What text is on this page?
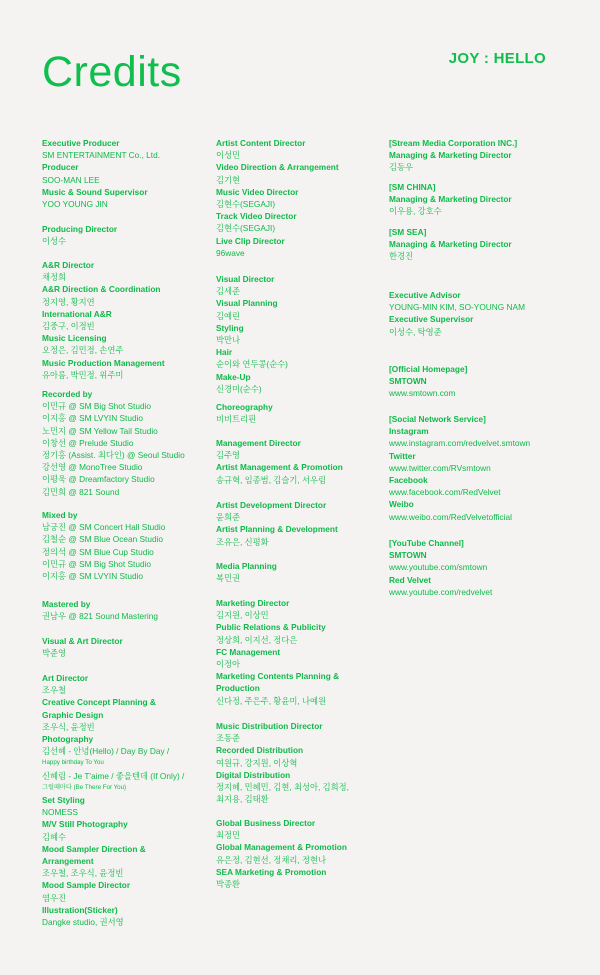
Credits	JOY : HELLO
Executive Producer
SM ENTERTAINMENT Co., Ltd.
Producer
SOO-MAN LEE
Music & Sound Supervisor
YOO YOUNG JIN
Producing Director
이성수
A&R Director
채정희
A&R Direction & Coordination
정지영, 황지연
International A&R
김중구, 이정빈
Music Licensing
오정은, 김민정, 손연주
Music Production Management
유아름, 박민정, 위주미
Recorded by
이민규 @ SM Big Shot Studio
이지홍 @ SM LVYIN Studio
노민지 @ SM Yellow Tail Studio
이창선 @ Prelude Studio
정기홍 (Assist. 최다인) @ Seoul Studio
강선영 @ MonoTree Studio
이평욱 @ Dreamfactory Studio
김민희 @ 821 Sound
Mixed by
남궁진 @ SM Concert Hall Studio
김철순 @ SM Blue Ocean Studio
정의석 @ SM Blue Cup Studio
이민규 @ SM Big Shot Studio
이지홍 @ SM LVYIN Studio
Mastered by
권남우 @ 821 Sound Mastering
Visual & Art Director
박준영
Art Director
조우철
Creative Concept Planning &
Graphic Design
조우식, 윤정빈
Photography
김선혜 - 안녕(Hello) / Day By Day /
Happy birthday To You
신혜림 - Je T'aime / 좋을텐데 (If Only) /
그럴때마다 (Be There For You)
Set Styling
NOMESS
M/V Still Photography
김혜수
Mood Sampler Direction &
Arrangement
조우철, 조우식, 윤정빈
Mood Sample Director
염우진
Illustration(Sticker)
Dangke studio, 권서영
Artist Content Director
이성민
Video Direction & Arrangement
김기현
Music Video Director
김현수(SEGAJI)
Track Video Director
김현수(SEGAJI)
Live Clip Director
96wave
Visual Director
김세준
Visual Planning
김예린
Styling
박만나
Hair
순이와 연두콩(순수)
Make-Up
신경미(순수)
Choreography
비비트리핀
Management Director
김주영
Artist Management & Promotion
송규혁, 임종범, 김슬기, 서우림
Artist Development Director
윤희준
Artist Planning & Development
조유은, 신평화
Media Planning
복민권
Marketing Director
김지원, 이상민
Public Relations & Publicity
정상희, 이지선, 정다은
FC Management
이정아
Marketing Contents Planning &
Production
신다정, 주은주, 황윤미, 나예원
Music Distribution Director
조동준
Recorded Distribution
여원규, 강지원, 이상혁
Digital Distribution
정지혜, 민혜민, 김현, 최성아, 김희정,
최지용, 김태환
Global Business Director
최정민
Global Management & Promotion
유은정, 김현선, 정채리, 정현나
SEA Marketing & Promotion
박종환
[Stream Media Corporation INC.]
Managing & Marketing Director
김동우
[SM CHINA]
Managing & Marketing Director
이우용, 강호수
[SM SEA]
Managing & Marketing Director
한경진
Executive Advisor
YOUNG-MIN KIM, SO-YOUNG NAM
Executive Supervisor
이성수, 탁영준
[Official Homepage]
SMTOWN
www.smtown.com
[Social Network Service]
Instagram
www.instagram.com/redvelvet.smtown
Twitter
www.twitter.com/RVsmtown
Facebook
www.facebook.com/RedVelvet
Weibo
www.weibo.com/RedVelvetofficial
[YouTube Channel]
SMTOWN
www.youtube.com/smtown
Red Velvet
www.youtube.com/redvelvet
